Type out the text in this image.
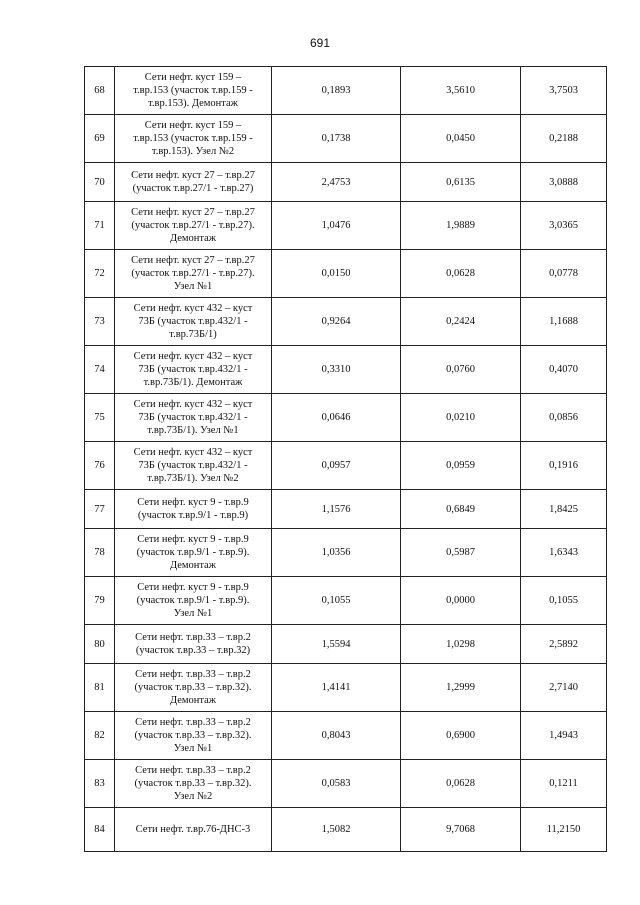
691
68	Сети нефт. куст 159 –
т.вр.153 (участок т.вр.159 -
т.вр.153). Демонтаж	0,1893	3,5610	3,7503
69	Сети нефт. куст 159 –
т.вр.153 (участок т.вр.159 -
т.вр.153). Узел №2	0,1738	0,0450	0,2188
70	Сети нефт. куст 27 – т.вр.27
(участок т.вр.27/1 - т.вр.27)	2,4753	0,6135	3,0888
71	Сети нефт. куст 27 – т.вр.27
(участок т.вр.27/1 - т.вр.27).
Демонтаж	1,0476	1,9889	3,0365
72	Сети нефт. куст 27 – т.вр.27
(участок т.вр.27/1 - т.вр.27).
Узел №1	0,0150	0,0628	0,0778
73	Сети нефт. куст 432 – куст
73Б (участок т.вр.432/1 -
т.вр.73Б/1)	0,9264	0,2424	1,1688
74	Сети нефт. куст 432 – куст
73Б (участок т.вр.432/1 -
т.вр.73Б/1). Демонтаж	0,3310	0,0760	0,4070
75	Сети нефт. куст 432 – куст
73Б (участок т.вр.432/1 -
т.вр.73Б/1). Узел №1	0,0646	0,0210	0,0856
76	Сети нефт. куст 432 – куст
73Б (участок т.вр.432/1 -
т.вр.73Б/1). Узел №2	0,0957	0,0959	0,1916
77	Сети нефт. куст 9 - т.вр.9
(участок т.вр.9/1 - т.вр.9)	1,1576	0,6849	1,8425
78	Сети нефт. куст 9 - т.вр.9
(участок т.вр.9/1 - т.вр.9).
Демонтаж	1,0356	0,5987	1,6343
79	Сети нефт. куст 9 - т.вр.9
(участок т.вр.9/1 - т.вр.9).
Узел №1	0,1055	0,0000	0,1055
80	Сети нефт. т.вр.33 – т.вр.2
(участок т.вр.33 – т.вр.32)	1,5594	1,0298	2,5892
81	Сети нефт. т.вр.33 – т.вр.2
(участок т.вр.33 – т.вр.32).
Демонтаж	1,4141	1,2999	2,7140
82	Сети нефт. т.вр.33 – т.вр.2
(участок т.вр.33 – т.вр.32).
Узел №1	0,8043	0,6900	1,4943
83	Сети нефт. т.вр.33 – т.вр.2
(участок т.вр.33 – т.вр.32).
Узел №2	0,0583	0,0628	0,1211
84	Сети нефт. т.вр.76-ДНС-3	1,5082	9,7068	11,2150
